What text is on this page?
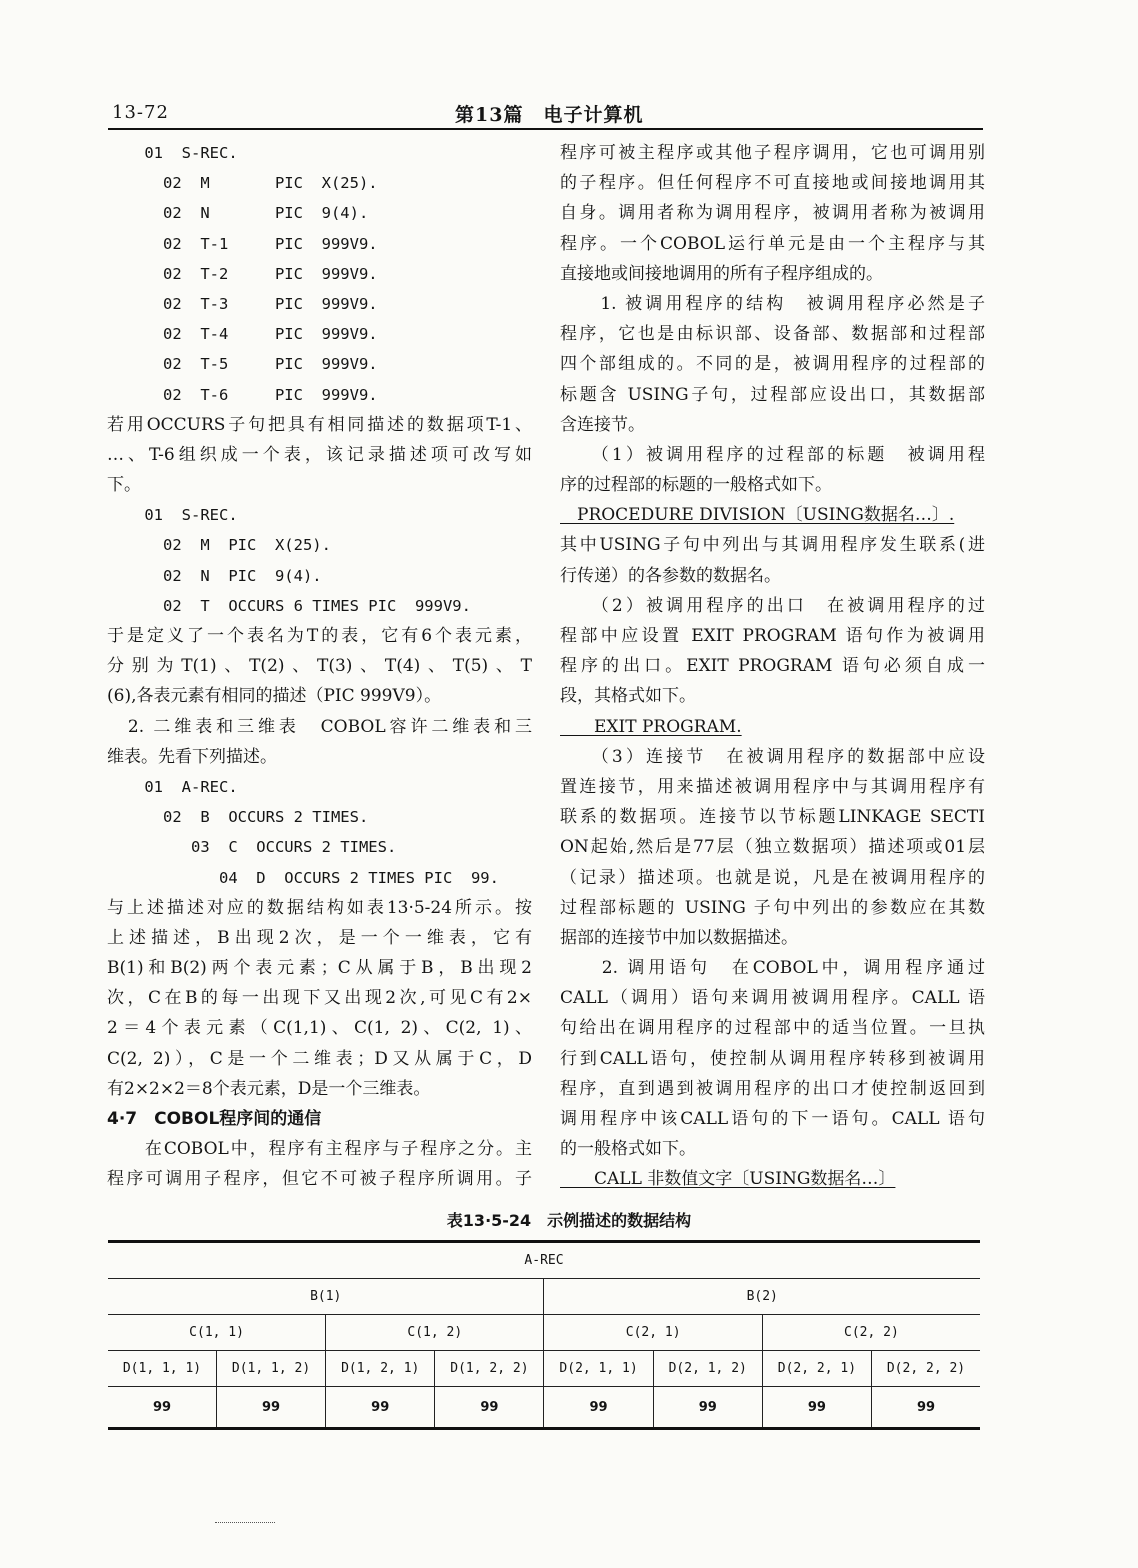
13-72	第13篇　电子计算机
01  S-REC.
02  M       PIC  X(25).
02  N       PIC  9(4).
02  T-1     PIC  999V9.
02  T-2     PIC  999V9.
02  T-3     PIC  999V9.
02  T-4     PIC  999V9.
02  T-5     PIC  999V9.
02  T-6     PIC  999V9.
若用OCCURS子句把具有相同描述的数据项T-1、
…、T-6组织成一个表，该记录描述项可改写如
下。
01  S-REC.
02  M  PIC  X(25).
02  N  PIC  9(4).
02  T  OCCURS 6 TIMES PIC  999V9.
于是定义了一个表名为T的表，它有6个表元素，
分别为T(1)、T(2)、T(3)、T(4)、T(5)、T
(6),各表元素有相同的描述（PIC 999V9）。
　2. 二维表和三维表　COBOL容许二维表和三
维表。先看下列描述。
01  A-REC.
02  B  OCCURS 2 TIMES.
03  C  OCCURS 2 TIMES.
04  D  OCCURS 2 TIMES PIC  99.
与上述描述对应的数据结构如表13·5-24所示。按
上述描述，B出现2次，是一个一维表，它有
B(1)和B(2)两个表元素；C从属于B，B出现2
次，C在B的每一出现下又出现2次,可见C有2×
2＝4个表元素（C(1,1)、C(1, 2)、C(2, 1)、
C(2, 2)），C是一个二维表；D又从属于C，D
有2×2×2＝8个表元素，D是一个三维表。
4·7　COBOL程序间的通信
　　在COBOL中，程序有主程序与子程序之分。主
程序可调用子程序，但它不可被子程序所调用。子
程序可被主程序或其他子程序调用，它也可调用别
的子程序。但任何程序不可直接地或间接地调用其
自身。调用者称为调用程序，被调用者称为被调用
程序。一个COBOL运行单元是由一个主程序与其
直接地或间接地调用的所有子程序组成的。
　　1. 被调用程序的结构　被调用程序必然是子
程序，它也是由标识部、设备部、数据部和过程部
四个部组成的。不同的是，被调用程序的过程部的
标题含 USING子句，过程部应设出口，其数据部
含连接节。
　　（1）被调用程序的过程部的标题　被调用程
序的过程部的标题的一般格式如下。
　PROCEDURE DIVISION〔USING数据名…〕.
其中USING子句中列出与其调用程序发生联系(进
行传递）的各参数的数据名。
　　（2）被调用程序的出口　在被调用程序的过
程部中应设置 EXIT PROGRAM 语句作为被调用
程序的出口。EXIT PROGRAM 语句必须自成一
段，其格式如下。
　　EXIT PROGRAM.
　　（3）连接节　在被调用程序的数据部中应设
置连接节，用来描述被调用程序中与其调用程序有
联系的数据项。连接节以节标题LINKAGE SECTI
ON起始,然后是77层（独立数据项）描述项或01层
（记录）描述项。也就是说，凡是在被调用程序的
过程部标题的 USING 子句中列出的参数应在其数
据部的连接节中加以数据描述。
　　2. 调用语句　在COBOL中，调用程序通过
CALL（调用）语句来调用被调用程序。CALL 语
句给出在调用程序的过程部中的适当位置。一旦执
行到CALL语句，使控制从调用程序转移到被调用
程序，直到遇到被调用程序的出口才使控制返回到
调用程序中该CALL语句的下一语句。CALL 语句
的一般格式如下。
　　CALL 非数值文字〔USING数据名…〕
表13·5-24　示例描述的数据结构
A-REC							
B(1)				B(2)			
C(1, 1)		C(1, 2)		C(2, 1)		C(2, 2)	
D(1, 1, 1)	D(1, 1, 2)	D(1, 2, 1)	D(1, 2, 2)	D(2, 1, 1)	D(2, 1, 2)	D(2, 2, 1)	D(2, 2, 2)
99	99	99	99	99	99	99	99
